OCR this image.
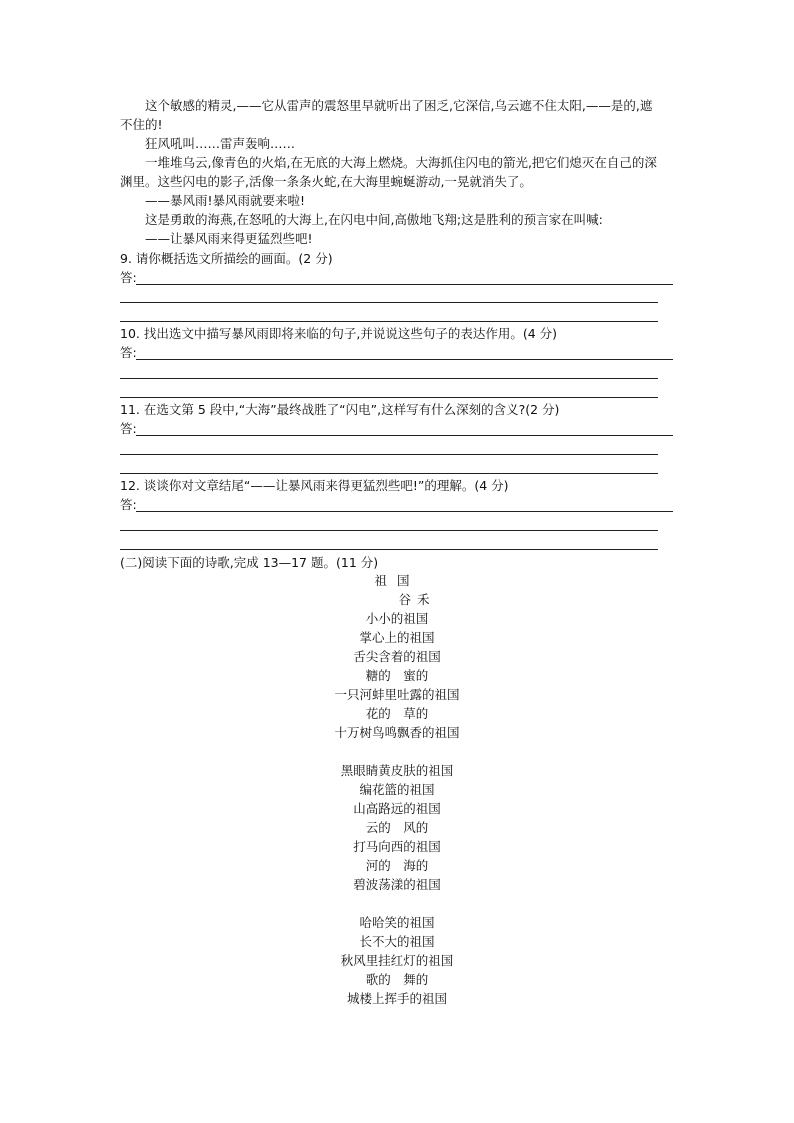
这个敏感的精灵,——它从雷声的震怒里早就听出了困乏,它深信,乌云遮不住太阳,——是的,遮
不住的!
狂风吼叫……雷声轰响……
一堆堆乌云,像青色的火焰,在无底的大海上燃烧。大海抓住闪电的箭光,把它们熄灭在自己的深
渊里。这些闪电的影子,活像一条条火蛇,在大海里蜿蜒游动,一晃就消失了。
——暴风雨!暴风雨就要来啦!
这是勇敢的海燕,在怒吼的大海上,在闪电中间,高傲地飞翔;这是胜利的预言家在叫喊:
——让暴风雨来得更猛烈些吧!
9. 请你概括选文所描绘的画面。(2 分)
答:
10. 找出选文中描写暴风雨即将来临的句子,并说说这些句子的表达作用。(4 分)
答:
11. 在选文第 5 段中,“大海”最终战胜了“闪电”,这样写有什么深刻的含义?(2 分)
答:
12. 谈谈你对文章结尾“——让暴风雨来得更猛烈些吧!”的理解。(4 分)
答:
(二)阅读下面的诗歌,完成 13—17 题。(11 分)
祖国
谷禾
小小的祖国
掌心上的祖国
舌尖含着的祖国
糖的　蜜的
一只河蚌里吐露的祖国
花的　草的
十万树鸟鸣飘香的祖国
黑眼睛黄皮肤的祖国
编花篮的祖国
山高路远的祖国
云的　风的
打马向西的祖国
河的　海的
碧波荡漾的祖国
哈哈笑的祖国
长不大的祖国
秋风里挂红灯的祖国
歌的　舞的
城楼上挥手的祖国
